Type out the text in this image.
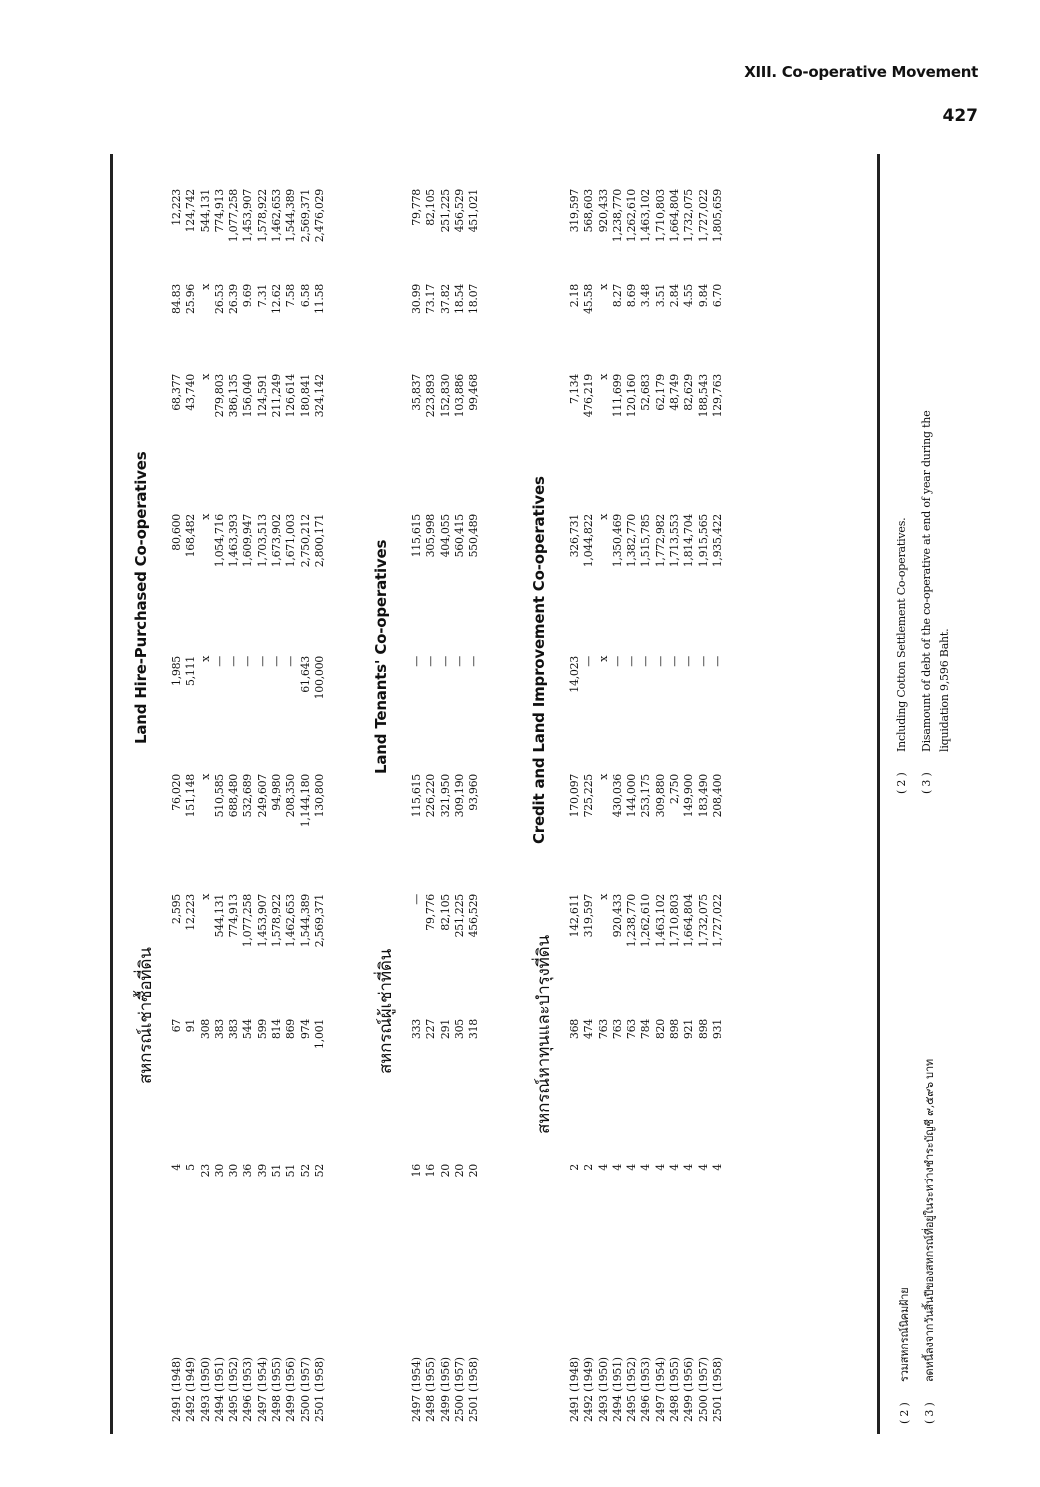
XIII. Co-operative Movement
427
สหกรณ์เช่าซื้อที่ดิน
Land Hire-Purchased Co-operatives
2491 (1948)
4
67
2,595
76,020
1,985
80,600
68,377
84.83
12,223
2492 (1949)
5
91
12,223
151,148
5,111
168,482
43,740
25.96
124,742
2493 (1950)
23
308
x
x
x
x
x
x
544,131
2494 (1951)
30
383
544,131
510,585
—
1,054,716
279,803
26.53
774,913
2495 (1952)
30
383
774,913
688,480
—
1,463,393
386,135
26.39
1,077,258
2496 (1953)
36
544
1,077,258
532,689
—
1,609,947
156,040
9.69
1,453,907
2497 (1954)
39
599
1,453,907
249,607
—
1,703,513
124,591
7.31
1,578,922
2498 (1955)
51
814
1,578,922
94,980
—
1,673,902
211,249
12.62
1,462,653
2499 (1956)
51
869
1,462,653
208,350
—
1,671,003
126,614
7.58
1,544,389
2500 (1957)
52
974
1,544,389
1,144,180
61,643
2,750,212
180,841
6.58
2,569,371
2501 (1958)
52
1,001
2,569,371
130,800
100,000
2,800,171
324,142
11.58
2,476,029
สหกรณ์ผู้เช่าที่ดิน
Land Tenants' Co-operatives
2497 (1954)
16
333
—
115,615
—
115,615
35,837
30.99
79,778
2498 (1955)
16
227
79,776
226,220
—
305,998
223,893
73.17
82,105
2499 (1956)
20
291
82,105
321,950
—
404,055
152,830
37.82
251,225
2500 (1957)
20
305
251,225
309,190
—
560,415
103,886
18.54
456,529
2501 (1958)
20
318
456,529
93,960
—
550,489
99,468
18.07
451,021
สหกรณ์หาทุนและบำรุงที่ดิน
Credit and Land Improvement Co-operatives
2491 (1948)
2
368
142,611
170,097
14,023
326,731
7,134
2.18
319,597
2492 (1949)
2
474
319,597
725,225
—
1,044,822
476,219
45.58
568,603
2493 (1950)
4
763
x
x
x
x
x
x
920,433
2494 (1951)
4
763
920,433
430,036
—
1,350,469
111,699
8.27
1,238,770
2495 (1952)
4
763
1,238,770
144,000
—
1,382,770
120,160
8.69
1,262,610
2496 (1953)
4
784
1,262,610
253,175
—
1,515,785
52,683
3.48
1,463,102
2497 (1954)
4
820
1,463,102
309,880
—
1,772,982
62,179
3.51
1,710,803
2498 (1955)
4
898
1,710,803
2,750
—
1,713,553
48,749
2.84
1,664,804
2499 (1956)
4
921
1,664,804
149,900
—
1,814,704
82,629
4.55
1,732,075
2500 (1957)
4
898
1,732,075
183,490
—
1,915,565
188,543
9.84
1,727,022
2501 (1958)
4
931
1,727,022
208,400
—
1,935,422
129,763
6.70
1,805,659
( 2 )รวมสหกรณ์นิคมฝ้าย
( 3 )ลดหนี้ลงจากวันสิ้นปีของสหกรณ์ที่อยู่ในระหว่างชำระบัญชี ๙,๕๙๖ บาท
( 2 )Including Cotton Settlement Co-operatives.
( 3 )Disamount of debt of the co-operative at end of year during the liquidation 9,596 Baht.
